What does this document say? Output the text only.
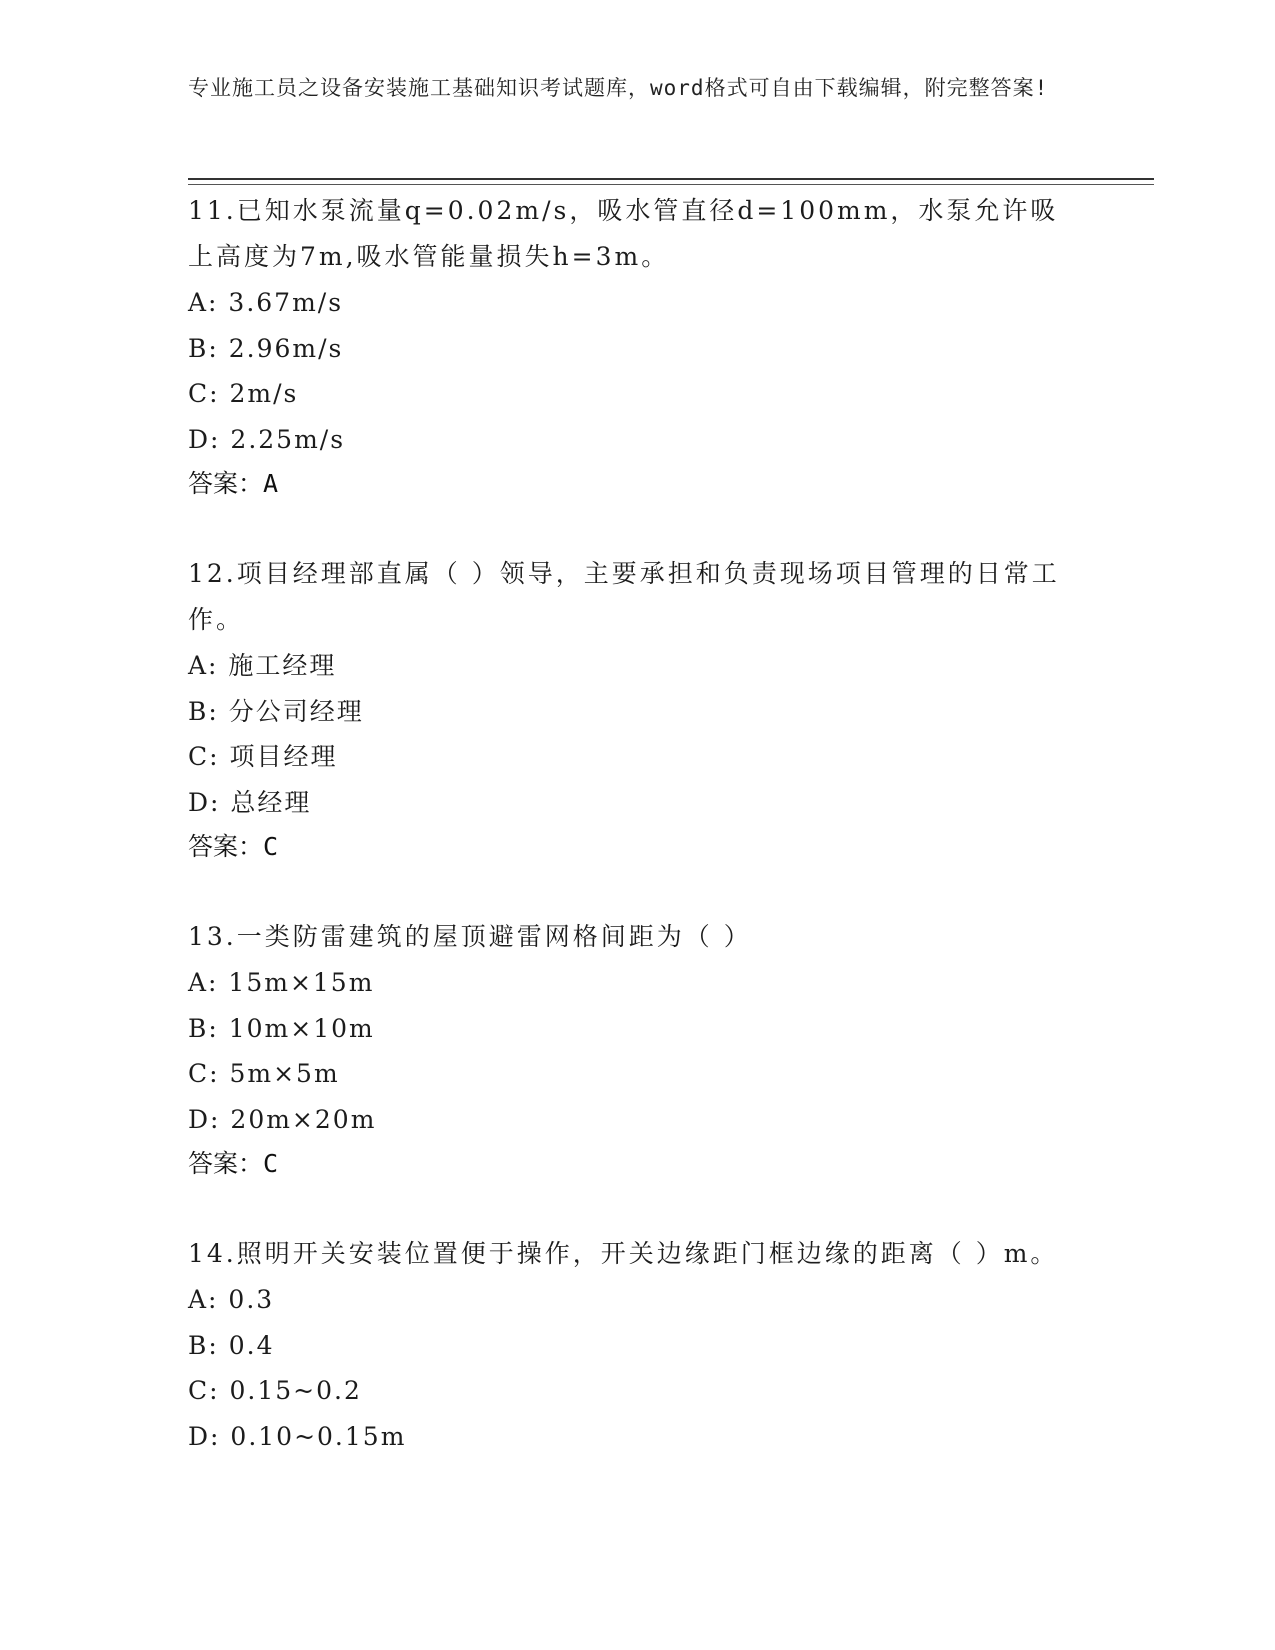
专业施工员之设备安装施工基础知识考试题库，word格式可自由下载编辑，附完整答案!
11.已知水泵流量q=0.02m/s，吸水管直径d=100mm，水泵允许吸上高度为7m,吸水管能量损失h=3m。
A: 3.67m/s
B: 2.96m/s
C: 2m/s
D: 2.25m/s
答案：A
12.项目经理部直属（ ）领导，主要承担和负责现场项目管理的日常工作。
A: 施工经理
B: 分公司经理
C: 项目经理
D: 总经理
答案：C
13.一类防雷建筑的屋顶避雷网格间距为（ ）
A: 15m×15m
B: 10m×10m
C: 5m×5m
D: 20m×20m
答案：C
14.照明开关安装位置便于操作，开关边缘距门框边缘的距离（ ）m。
A: 0.3
B: 0.4
C: 0.15~0.2
D: 0.10~0.15m
